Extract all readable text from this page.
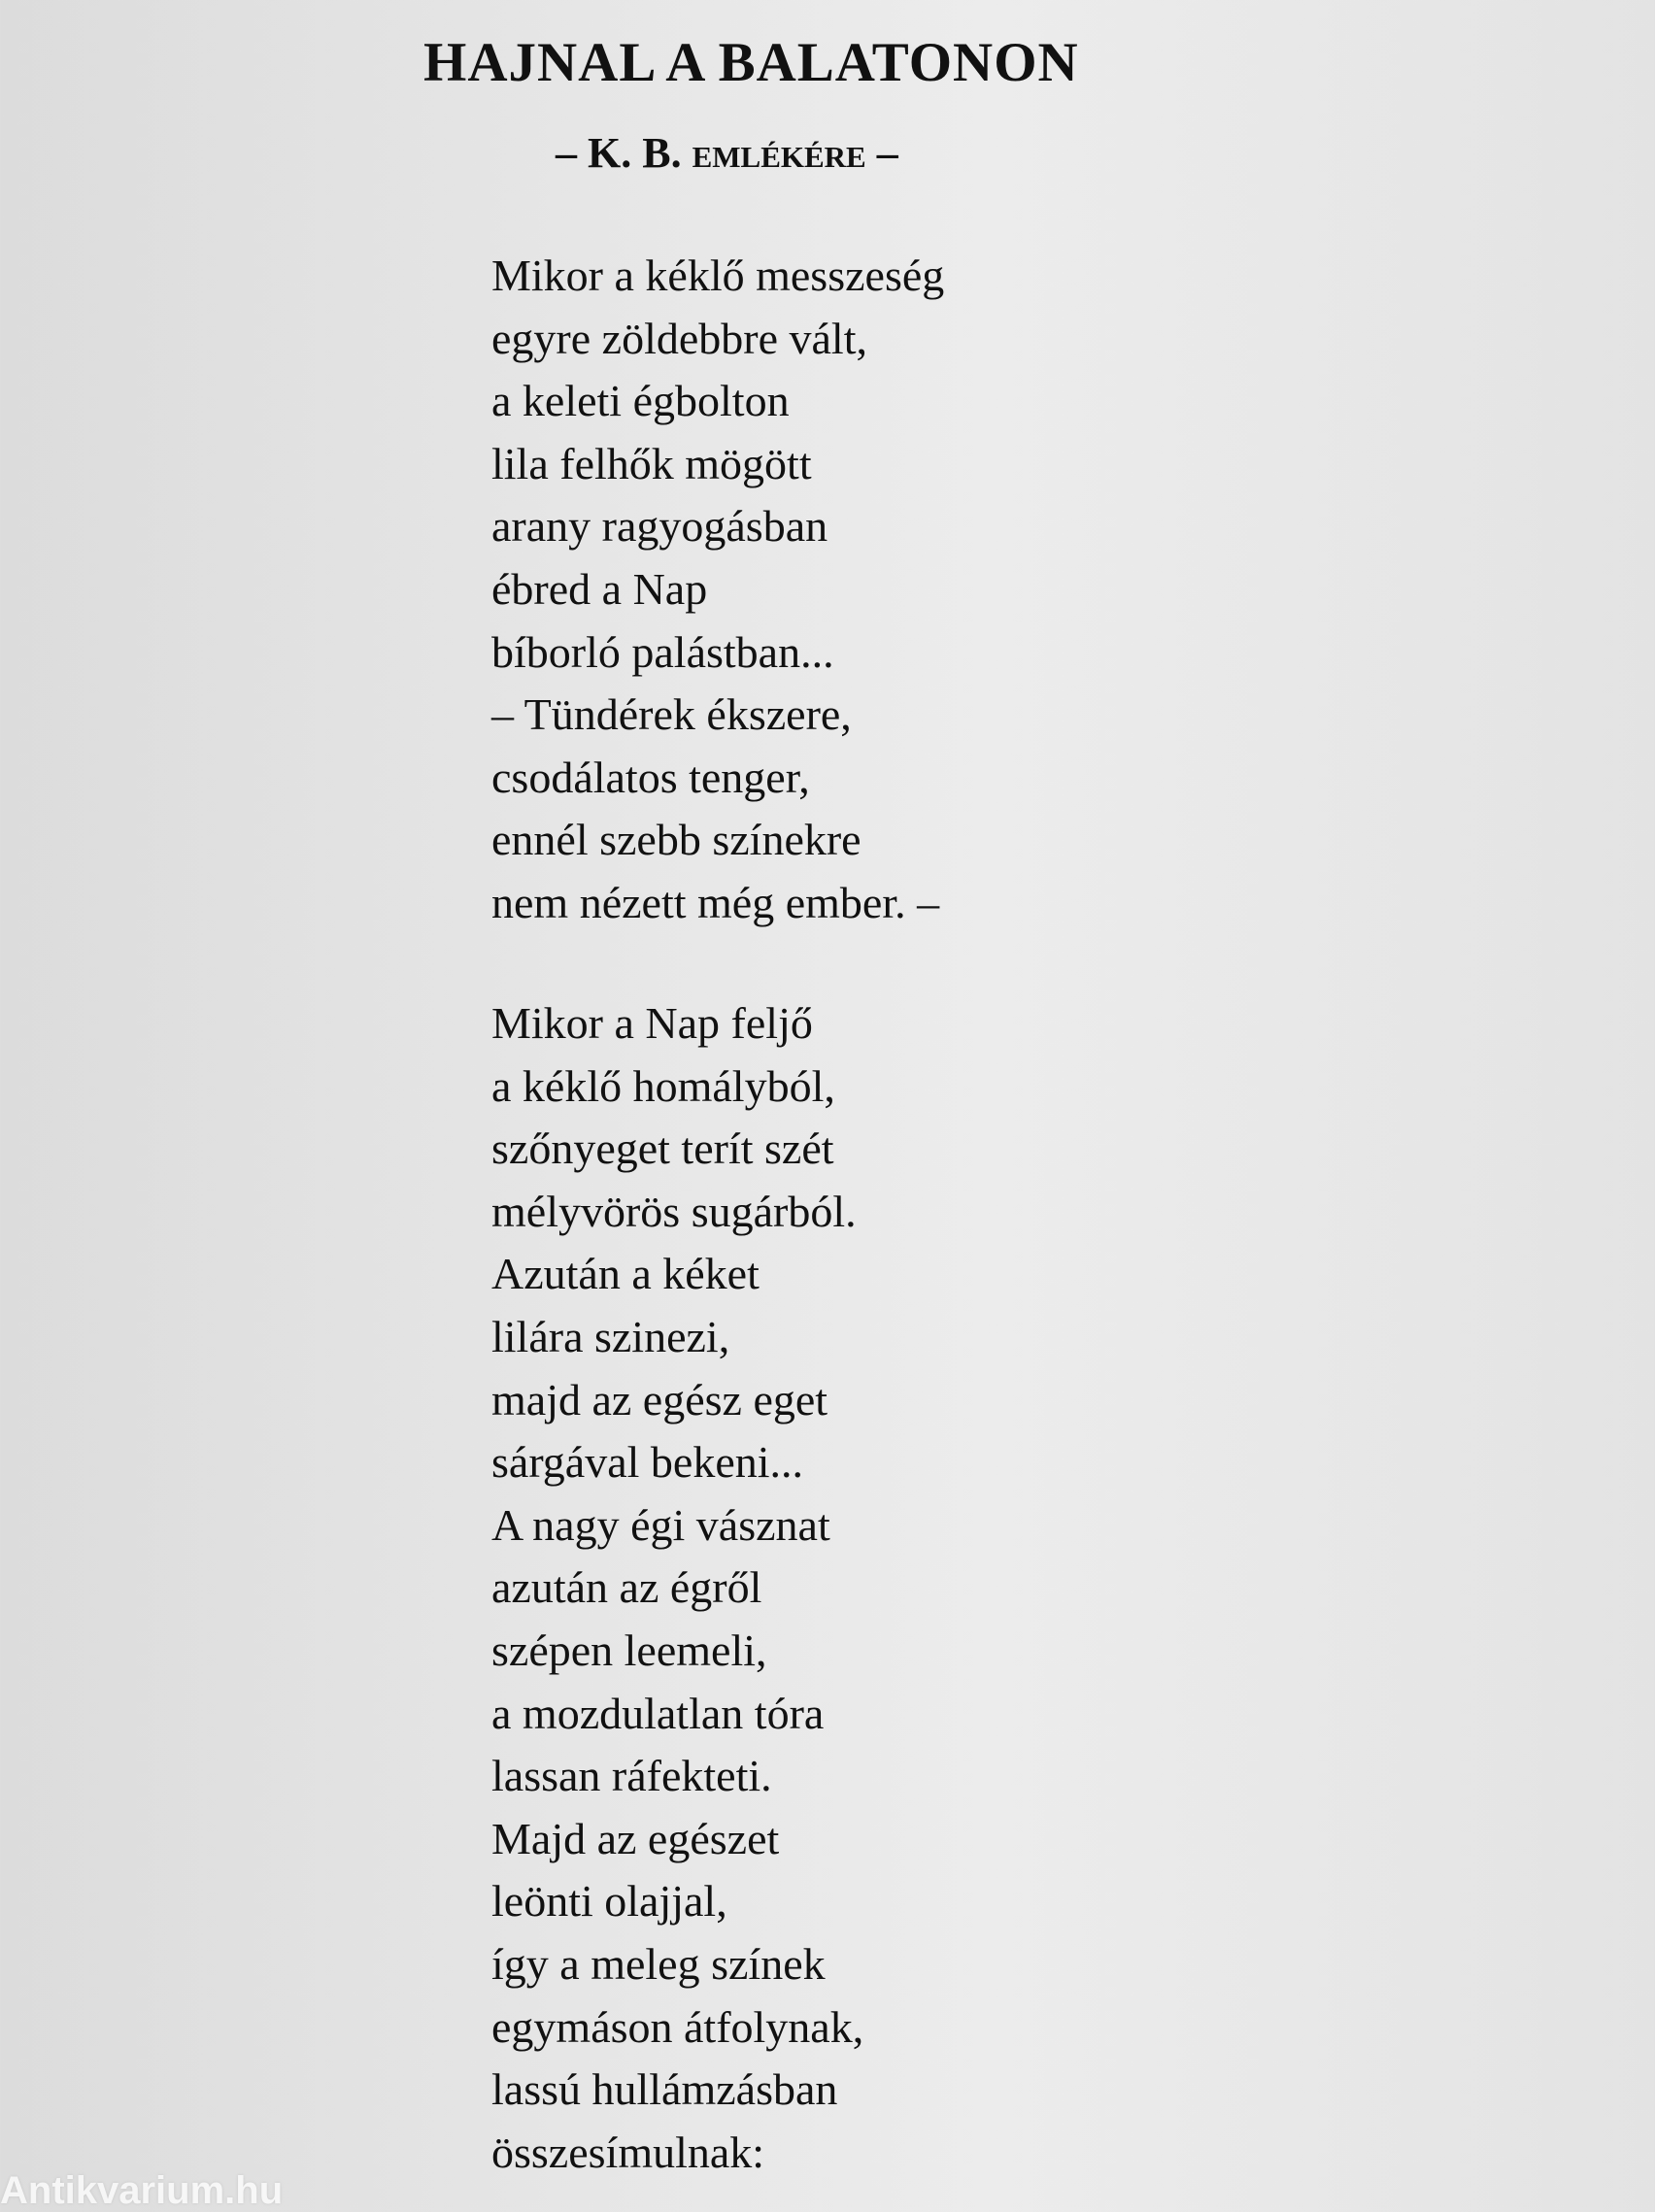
HAJNAL A BALATONON

– K. B. emlékére –

Mikor a kéklő messzeség
egyre zöldebbre vált,
a keleti égbolton
lila felhők mögött
arany ragyogásban
ébred a Nap
bíborló palástban...
– Tündérek ékszere,
csodálatos tenger,
ennél szebb színekre
nem nézett még ember. –
Mikor a Nap feljő
a kéklő homályból,
szőnyeget terít szét
mélyvörös sugárból.
Azután a kéket
lilára szinezi,
majd az egész eget
sárgával bekeni...
A nagy égi vásznat
azután az égről
szépen leemeli,
a mozdulatlan tóra
lassan ráfekteti.
Majd az egészet
leönti olajjal,
így a meleg színek
egymáson átfolynak,
lassú hullámzásban
összesímulnak:
Antikvarium.hu
